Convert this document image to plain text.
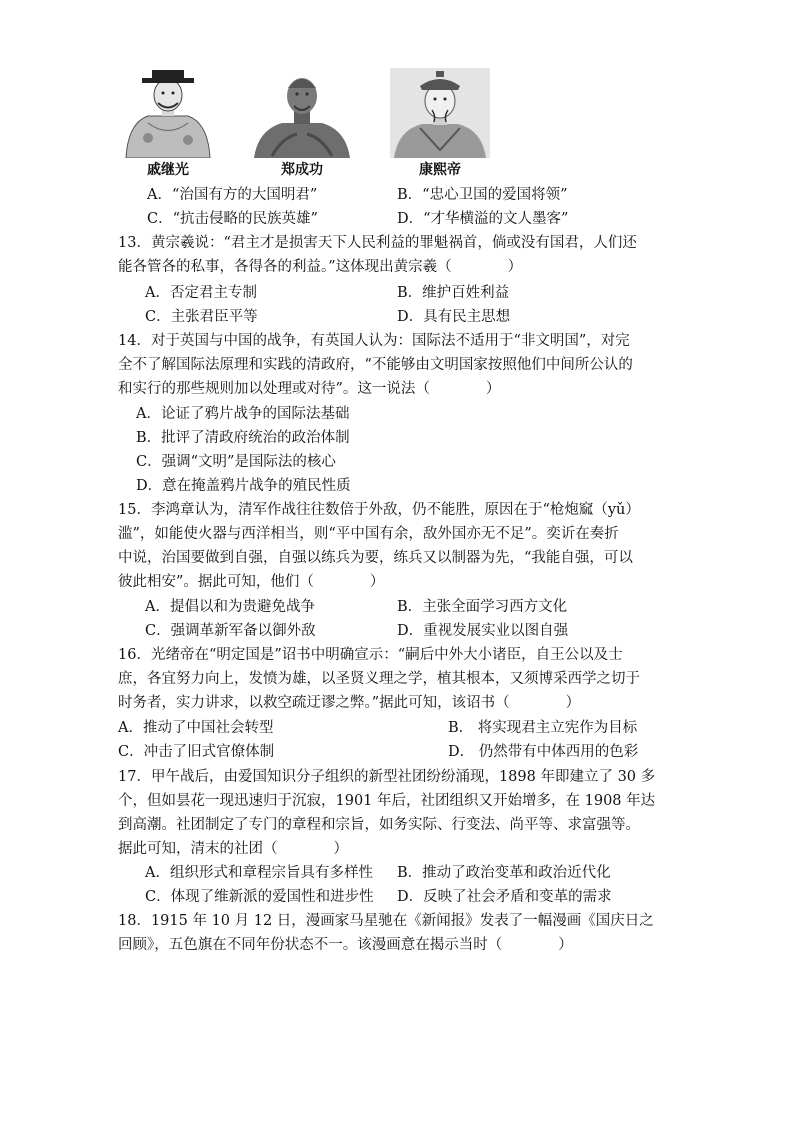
戚继光	郑成功	康熙帝
A．“治国有方的大国明君”	B．“忠心卫国的爱国将领”
C．“抗击侵略的民族英雄”	D．“才华横溢的文人墨客”
13．黄宗羲说：“君主才是损害天下人民利益的罪魁祸首，倘或没有国君，人们还
能各管各的私事，各得各的利益。”这体现出黄宗羲（	）
A．否定君主专制	B．维护百姓利益
C．主张君臣平等	D．具有民主思想
14．对于英国与中国的战争，有英国人认为：国际法不适用于“非文明国”，对完
全不了解国际法原理和实践的清政府，“不能够由文明国家按照他们中间所公认的
和实行的那些规则加以处理或对待”。这一说法（	）
A．论证了鸦片战争的国际法基础
B．批评了清政府统治的政治体制
C．强调“文明”是国际法的核心
D．意在掩盖鸦片战争的殖民性质
15．李鸿章认为，清军作战往往数倍于外敌，仍不能胜，原因在于“枪炮窳（yǔ）
滥”，如能使火器与西洋相当，则“平中国有余，敌外国亦无不足”。奕䜣在奏折
中说，治国要做到自强，自强以练兵为要，练兵又以制器为先，“我能自强，可以
彼此相安”。据此可知，他们（	）
A．提倡以和为贵避免战争	B．主张全面学习西方文化
C．强调革新军备以御外敌	D．重视发展实业以图自强
16．光绪帝在“明定国是”诏书中明确宣示：“嗣后中外大小诸臣，自王公以及士
庶，各宜努力向上，发愤为雄，以圣贤义理之学，植其根本，又须博采西学之切于
时务者，实力讲求，以救空疏迂谬之弊。”据此可知，该诏书（	）
A．推动了中国社会转型	B． 将实现君主立宪作为目标
C．冲击了旧式官僚体制	D． 仍然带有中体西用的色彩
17．甲午战后，由爱国知识分子组织的新型社团纷纷涌现，1898 年即建立了 30 多
个，但如昙花一现迅速归于沉寂，1901 年后，社团组织又开始增多，在 1908 年达
到高潮。社团制定了专门的章程和宗旨，如务实际、行变法、尚平等、求富强等。
据此可知，清末的社团（	）
A．组织形式和章程宗旨具有多样性 B．推动了政治变革和政治近代化
C．体现了维新派的爱国性和进步性 D．反映了社会矛盾和变革的需求
18．1915 年 10 月 12 日，漫画家马星驰在《新闻报》发表了一幅漫画《国庆日之
回顾》，五色旗在不同年份状态不一。该漫画意在揭示当时（	）
